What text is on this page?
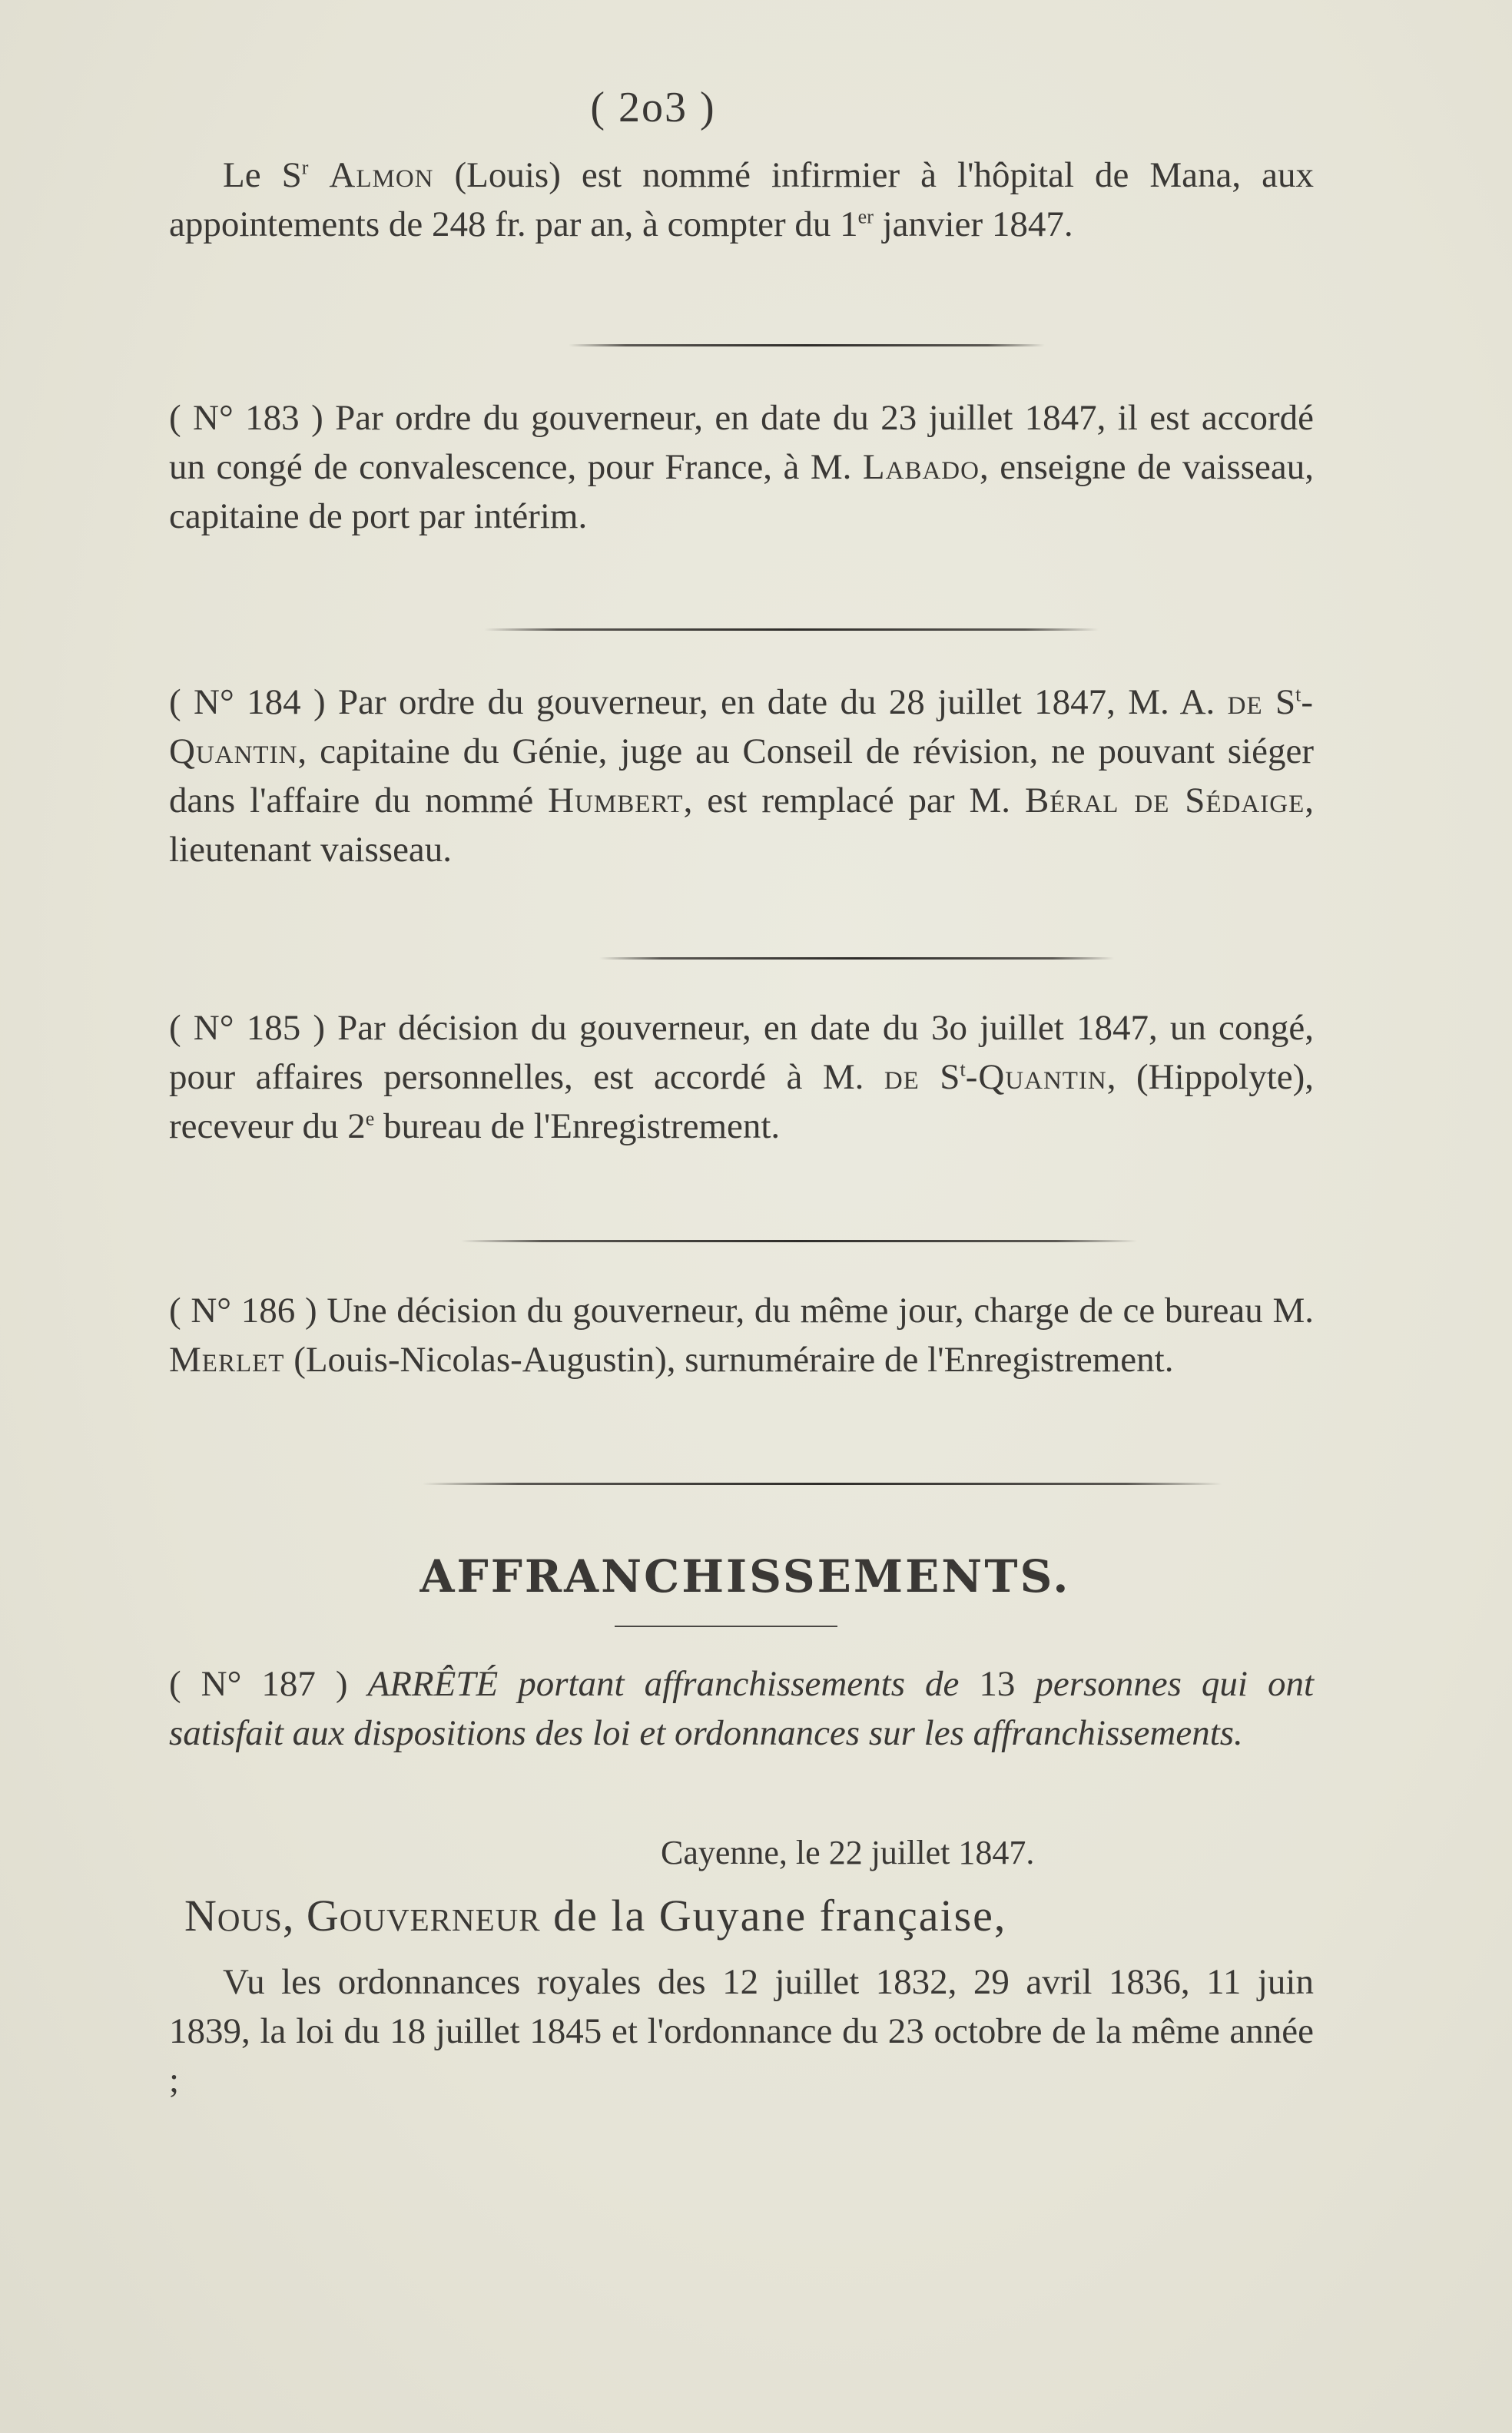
( 2o3 )

Le $S^r$ Almon (Louis) est nommé infirmier à l'hôpital de Mana, aux appointements de 248 fr. par an, à compter du 1er janvier 1847.

( N° 183 ) Par ordre du gouverneur, en date du 23 juillet 1847, il est accordé un congé de convalescence, pour France, à M. Labado, enseigne de vaisseau, capitaine de port par intérim.

( N° 184 ) Par ordre du gouverneur, en date du 28 juillet 1847, M. A. de $S^t$-Quantin, capitaine du Génie, juge au Conseil de révision, ne pouvant siéger dans l'affaire du nommé Humbert, est remplacé par M. Béral de Sédaige, lieutenant vaisseau.

( N° 185 ) Par décision du gouverneur, en date du 3o juillet 1847, un congé, pour affaires personnelles, est accordé à M. de $S^t$-Quantin, (Hippolyte), receveur du 2e bureau de l'Enregistrement.

( N° 186 ) Une décision du gouverneur, du même jour, charge de ce bureau M. Merlet (Louis-Nicolas-Augustin), surnuméraire de l'Enregistrement.

AFFRANCHISSEMENTS.

( N° 187 ) ARRÊTÉ portant affranchissements de 13 personnes qui ont satisfait aux dispositions des loi et ordonnances sur les affranchissements.

Cayenne, le 22 juillet 1847.
Nous, Gouverneur de la Guyane française,
Vu les ordonnances royales des 12 juillet 1832, 29 avril 1836, 11 juin 1839, la loi du 18 juillet 1845 et l'ordonnance du 23 octobre de la même année ;
